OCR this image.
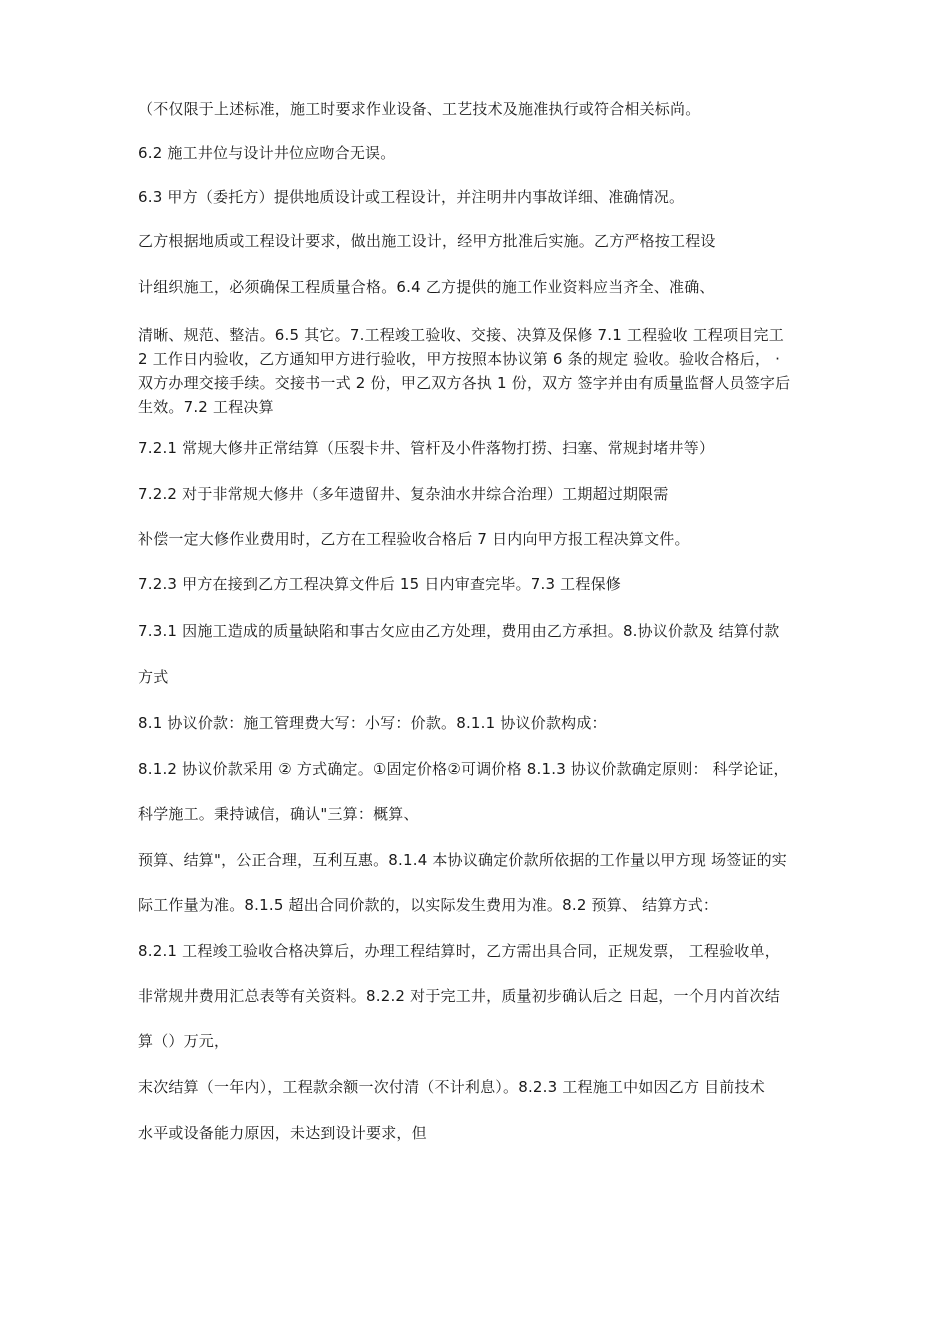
（不仅限于上述标准，施工时要求作业设备、工艺技术及施准执行或符合相关标尚。
6.2 施工井位与设计井位应吻合无误。
6.3 甲方（委托方）提供地质设计或工程设计，并注明井内事故详细、准确情况。
乙方根据地质或工程设计要求，做出施工设计，经甲方批准后实施。乙方严格按工程设
计组织施工，必须确保工程质量合格。6.4 乙方提供的施工作业资料应当齐全、准确、
清晰、规范、整洁。6.5 其它。7.工程竣工验收、交接、决算及保修 7.1 工程验收 工程项目完工
2 工作日内验收，乙方通知甲方进行验收，甲方按照本协议第 6 条的规定 验收。验收合格后， ·
双方办理交接手续。交接书一式 2 份，甲乙双方各执 1 份，双方 签字并由有质量监督人员签字后
生效。7.2 工程决算
7.2.1 常规大修井正常结算（压裂卡井、管杆及小件落物打捞、扫塞、常规封堵井等）
7.2.2 对于非常规大修井（多年遗留井、复杂油水井综合治理）工期超过期限需
补偿一定大修作业费用时，乙方在工程验收合格后 7 日内向甲方报工程决算文件。
7.2.3 甲方在接到乙方工程决算文件后 15 日内审查完毕。7.3 工程保修
7.3.1 因施工造成的质量缺陷和事古攵应由乙方处理，费用由乙方承担。8.协议价款及 结算付款
方式
8.1 协议价款：施工管理费大写：小写：价款。8.1.1 协议价款构成：
8.1.2 协议价款采用 ② 方式确定。①固定价格②可调价格 8.1.3 协议价款确定原则： 科学论证，
科学施工。秉持诚信，确认"三算：概算、
预算、结算"，公正合理，互利互惠。8.1.4 本协议确定价款所依据的工作量以甲方现 场签证的实
际工作量为准。8.1.5 超出合同价款的，以实际发生费用为准。8.2 预算、 结算方式：
8.2.1 工程竣工验收合格决算后，办理工程结算时，乙方需出具合同，正规发票， 工程验收单，
非常规井费用汇总表等有关资料。8.2.2 对于完工井，质量初步确认后之 日起，一个月内首次结
算（）万元，
末次结算（一年内），工程款余额一次付清（不计利息）。8.2.3 工程施工中如因乙方 目前技术
水平或设备能力原因，未达到设计要求，但
